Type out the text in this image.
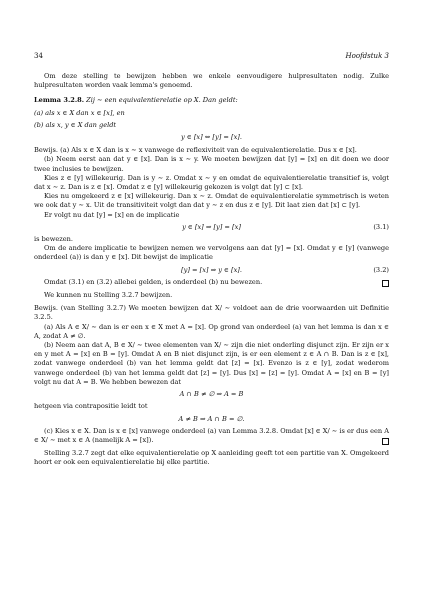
34	Hoofdstuk 3

Om deze stelling te bewijzen hebben we enkele eenvoudigere hulpresultaten nodig. Zulke hulpresultaten worden vaak lemma's genoemd.

Lemma 3.2.8. Zij ∼ een equivalentierelatie op X. Dan geldt:

(a) als x ∈ X dan x ∈ [x], en

(b) als x, y ∈ X dan geldt

y ∈ [x] ⇔ [y] = [x].

Bewijs. (a) Als x ∈ X dan is x ∼ x vanwege de reflexiviteit van de equivalentierelatie. Dus x ∈ [x].

(b) Neem eerst aan dat y ∈ [x]. Dan is x ∼ y. We moeten bewijzen dat [y] = [x] en dit doen we door twee inclusies te bewijzen.

Kies z ∈ [y] willekeurig. Dan is y ∼ z. Omdat x ∼ y en omdat de equivalentierelatie transitief is, volgt dat x ∼ z. Dan is z ∈ [x]. Omdat z ∈ [y] willekeurig gekozen is volgt dat [y] ⊂ [x].

Kies nu omgekeerd z ∈ [x] willekeurig. Dan x ∼ z. Omdat de equivalentierelatie symmetrisch is weten we ook dat y ∼ x. Uit de transitiviteit volgt dan dat y ∼ z en dus z ∈ [y]. Dit laat zien dat [x] ⊂ [y].

Er volgt nu dat [y] = [x] en de implicatie

y ∈ [x] ⇒ [y] = [x]	(3.1)

is bewezen.

Om de andere implicatie te bewijzen nemen we vervolgens aan dat [y] = [x]. Omdat y ∈ [y] (vanwege onderdeel (a)) is dan y ∈ [x]. Dit bewijst de implicatie

[y] = [x] ⇒ y ∈ [x].	(3.2)

Omdat (3.1) en (3.2) allebei gelden, is onderdeel (b) nu bewezen.

We kunnen nu Stelling 3.2.7 bewijzen.

Bewijs. (van Stelling 3.2.7) We moeten bewijzen dat X/ ∼ voldoet aan de drie voorwaarden uit Definitie 3.2.5.

(a) Als A ∈ X/ ∼ dan is er een x ∈ X met A = [x]. Op grond van onderdeel (a) van het lemma is dan x ∈ A, zodat A ≠ ∅.

(b) Neem aan dat A, B ∈ X/ ∼ twee elementen van X/ ∼ zijn die niet onderling disjunct zijn. Er zijn er x en y met A = [x] en B = [y]. Omdat A en B niet disjunct zijn, is er een element z ∈ A ∩ B. Dan is z ∈ [x], zodat vanwege onderdeel (b) van het lemma geldt dat [z] = [x]. Evenzo is z ∈ [y], zodat wederom vanwege onderdeel (b) van het lemma geldt dat [z] = [y]. Dus [x] = [z] = [y]. Omdat A = [x] en B = [y] volgt nu dat A = B. We hebben bewezen dat

A ∩ B ≠ ∅ ⇒ A = B

hetgeen via contrapositie leidt tot

A ≠ B ⇒ A ∩ B = ∅.

(c) Kies x ∈ X. Dan is x ∈ [x] vanwege onderdeel (a) van Lemma 3.2.8. Omdat [x] ∈ X/ ∼ is er dus een A ∈ X/ ∼ met x ∈ A (namelijk A = [x]).

Stelling 3.2.7 zegt dat elke equivalentierelatie op X aanleiding geeft tot een partitie van X. Omgekeerd hoort er ook een equivalentierelatie bij elke partitie.
